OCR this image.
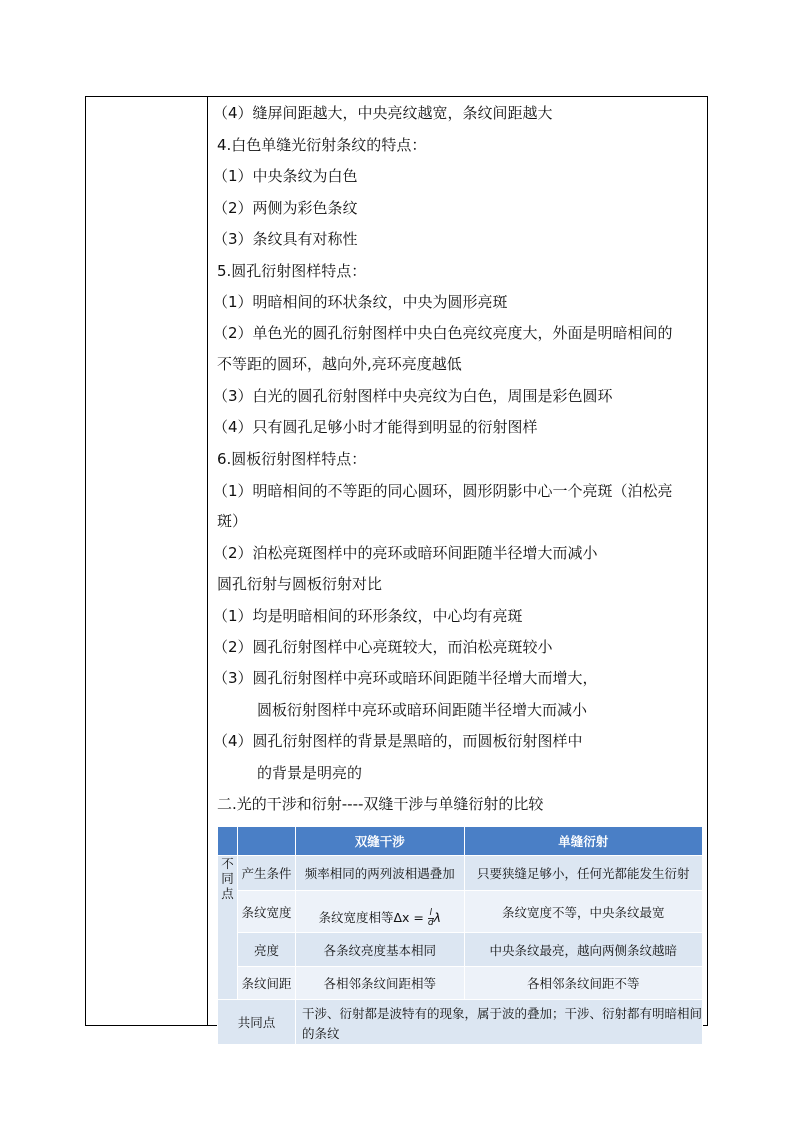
（4）缝屏间距越大，中央亮纹越宽，条纹间距越大
4.白色单缝光衍射条纹的特点：
（1）中央条纹为白色
（2）两侧为彩色条纹
（3）条纹具有对称性
5.圆孔衍射图样特点：
（1）明暗相间的环状条纹，中央为圆形亮斑
（2）单色光的圆孔衍射图样中央白色亮纹亮度大，外面是明暗相间的
不等距的圆环，越向外,亮环亮度越低
（3）白光的圆孔衍射图样中央亮纹为白色，周围是彩色圆环
（4）只有圆孔足够小时才能得到明显的衍射图样
6.圆板衍射图样特点：
（1）明暗相间的不等距的同心圆环，圆形阴影中心一个亮斑（泊松亮
斑）
（2）泊松亮斑图样中的亮环或暗环间距随半径增大而减小
圆孔衍射与圆板衍射对比
（1）均是明暗相间的环形条纹，中心均有亮斑
（2）圆孔衍射图样中心亮斑较大，而泊松亮斑较小
（3）圆孔衍射图样中亮环或暗环间距随半径增大而增大，
圆板衍射图样中亮环或暗环间距随半径增大而减小
（4）圆孔衍射图样的背景是黑暗的，而圆板衍射图样中
的背景是明亮的
二.光的干涉和衍射----双缝干涉与单缝衍射的比较
		双缝干涉	单缝衍射
不同点	产生条件	频率相同的两列波相遇叠加	只要狭缝足够小，任何光都能发生衍射
	条纹宽度	条纹宽度相等$\Delta x = \frac{l}{d}$ λ	条纹宽度不等，中央条纹最宽
	亮度	各条纹亮度基本相同	中央条纹最亮，越向两侧条纹越暗
	条纹间距	各相邻条纹间距相等	各相邻条纹间距不等
共同点		干涉、衍射都是波特有的现象，属于波的叠加；干涉、衍射都有明暗相间的条纹	
